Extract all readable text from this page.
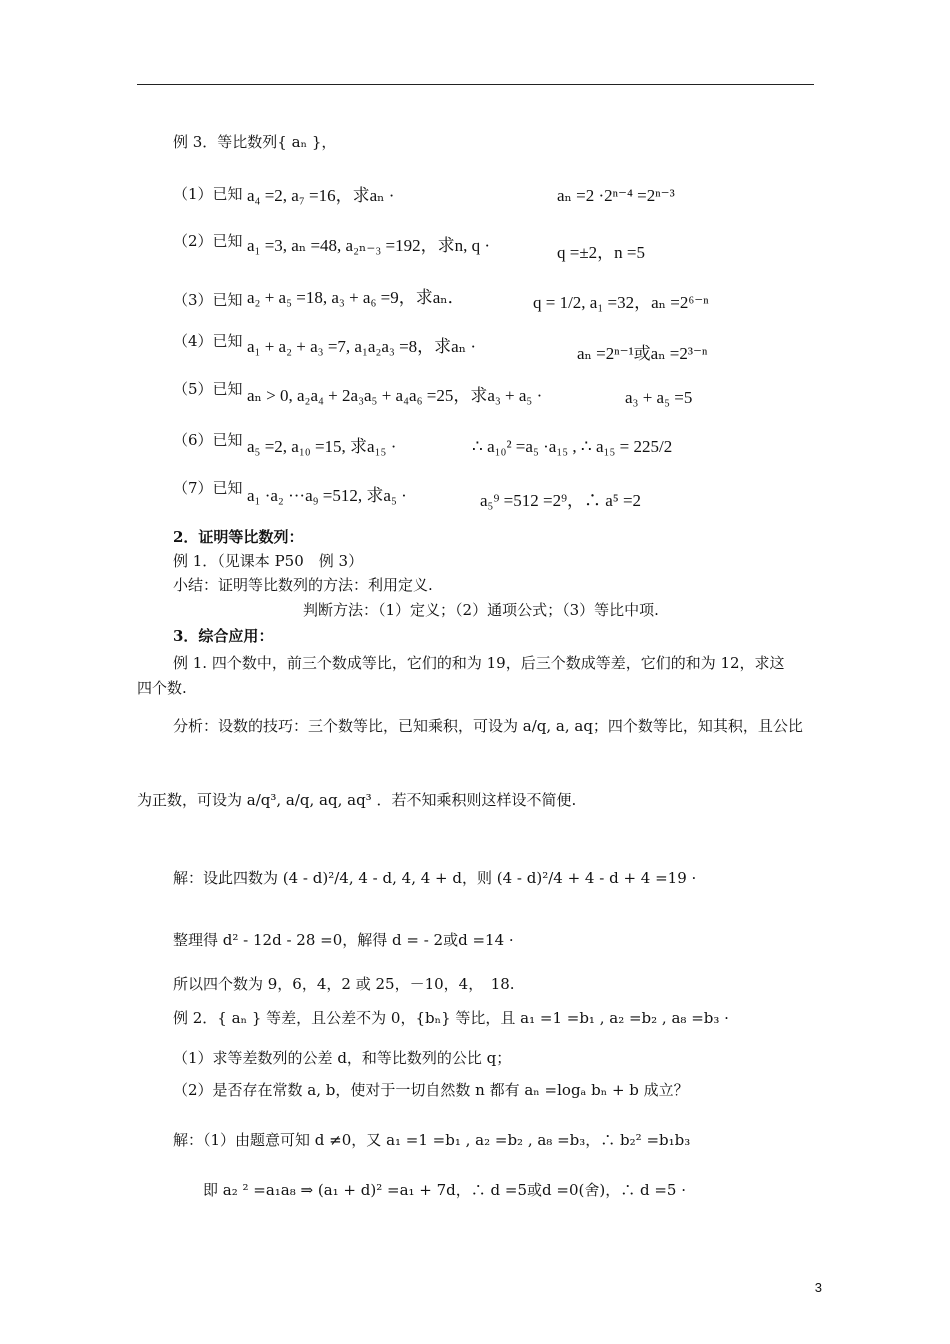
例 3．等比数列{ aₙ }，
（1）已知 a₄ =2, a₇ =16，求aₙ ·	aₙ =2 ·2ⁿ⁻⁴ =2ⁿ⁻³
（2）已知 a₁ =3, aₙ =48, a₂ₙ₋₃ =192，求n, q ·	q =±2，n =5
（3）已知 a₂ + a₅ =18, a₃ + a₆ =9，求aₙ．	q = 1/2, a₁ =32，aₙ =2⁶⁻ⁿ
（4）已知 a₁ + a₂ + a₃ =7, a₁a₂a₃ =8，求aₙ ·	aₙ =2ⁿ⁻¹或aₙ =2³⁻ⁿ
（5）已知 aₙ > 0, a₂a₄ + 2a₃a₅ + a₄a₆ =25，求a₃ + a₅ ·	a₃ + a₅ =5
（6）已知 a₅ =2, a₁₀ =15, 求a₁₅ ·	∴ a₁₀² =a₅ ·a₁₅ , ∴ a₁₅ = 225/2
（7）已知 a₁ ·a₂ ···a₉ =512, 求a₅ ·	a₅⁹ =512 =2⁹，∴ a⁵ =2
2．证明等比数列：
例 1．（见课本 P50　例 3）
小结：证明等比数列的方法：利用定义.
判断方法：（1）定义；（2）通项公式；（3）等比中项.
3．综合应用：
例 1. 四个数中，前三个数成等比，它们的和为 19，后三个数成等差，它们的和为 12，求这
四个数.
分析：设数的技巧：三个数等比，已知乘积，可设为 a/q, a, aq；四个数等比，知其积，且公比
为正数，可设为 a/q³, a/q, aq, aq³ ．若不知乘积则这样设不简便.
解：设此四数为 (4 - d)²/4, 4 - d, 4, 4 + d，则 (4 - d)²/4 + 4 - d + 4 =19 ·
整理得 d² - 12d - 28 =0，解得 d = - 2或d =14 ·
所以四个数为 9，6，4，2 或 25，－10，4，　18.
例 2．{ aₙ } 等差，且公差不为 0，{bₙ} 等比，且 a₁ =1 =b₁ , a₂ =b₂ , a₈ =b₃ ·
（1）求等差数列的公差 d，和等比数列的公比 q；
（2）是否存在常数 a, b，使对于一切自然数 n 都有 aₙ =logₐ bₙ + b 成立？
解：（1）由题意可知 d ≠0，又 a₁ =1 =b₁ , a₂ =b₂ , a₈ =b₃，∴ b₂² =b₁b₃
即 a₂ ² =a₁a₈ ⇒ (a₁ + d)² =a₁ + 7d，∴ d =5或d =0(舍)，∴ d =5 ·
3
